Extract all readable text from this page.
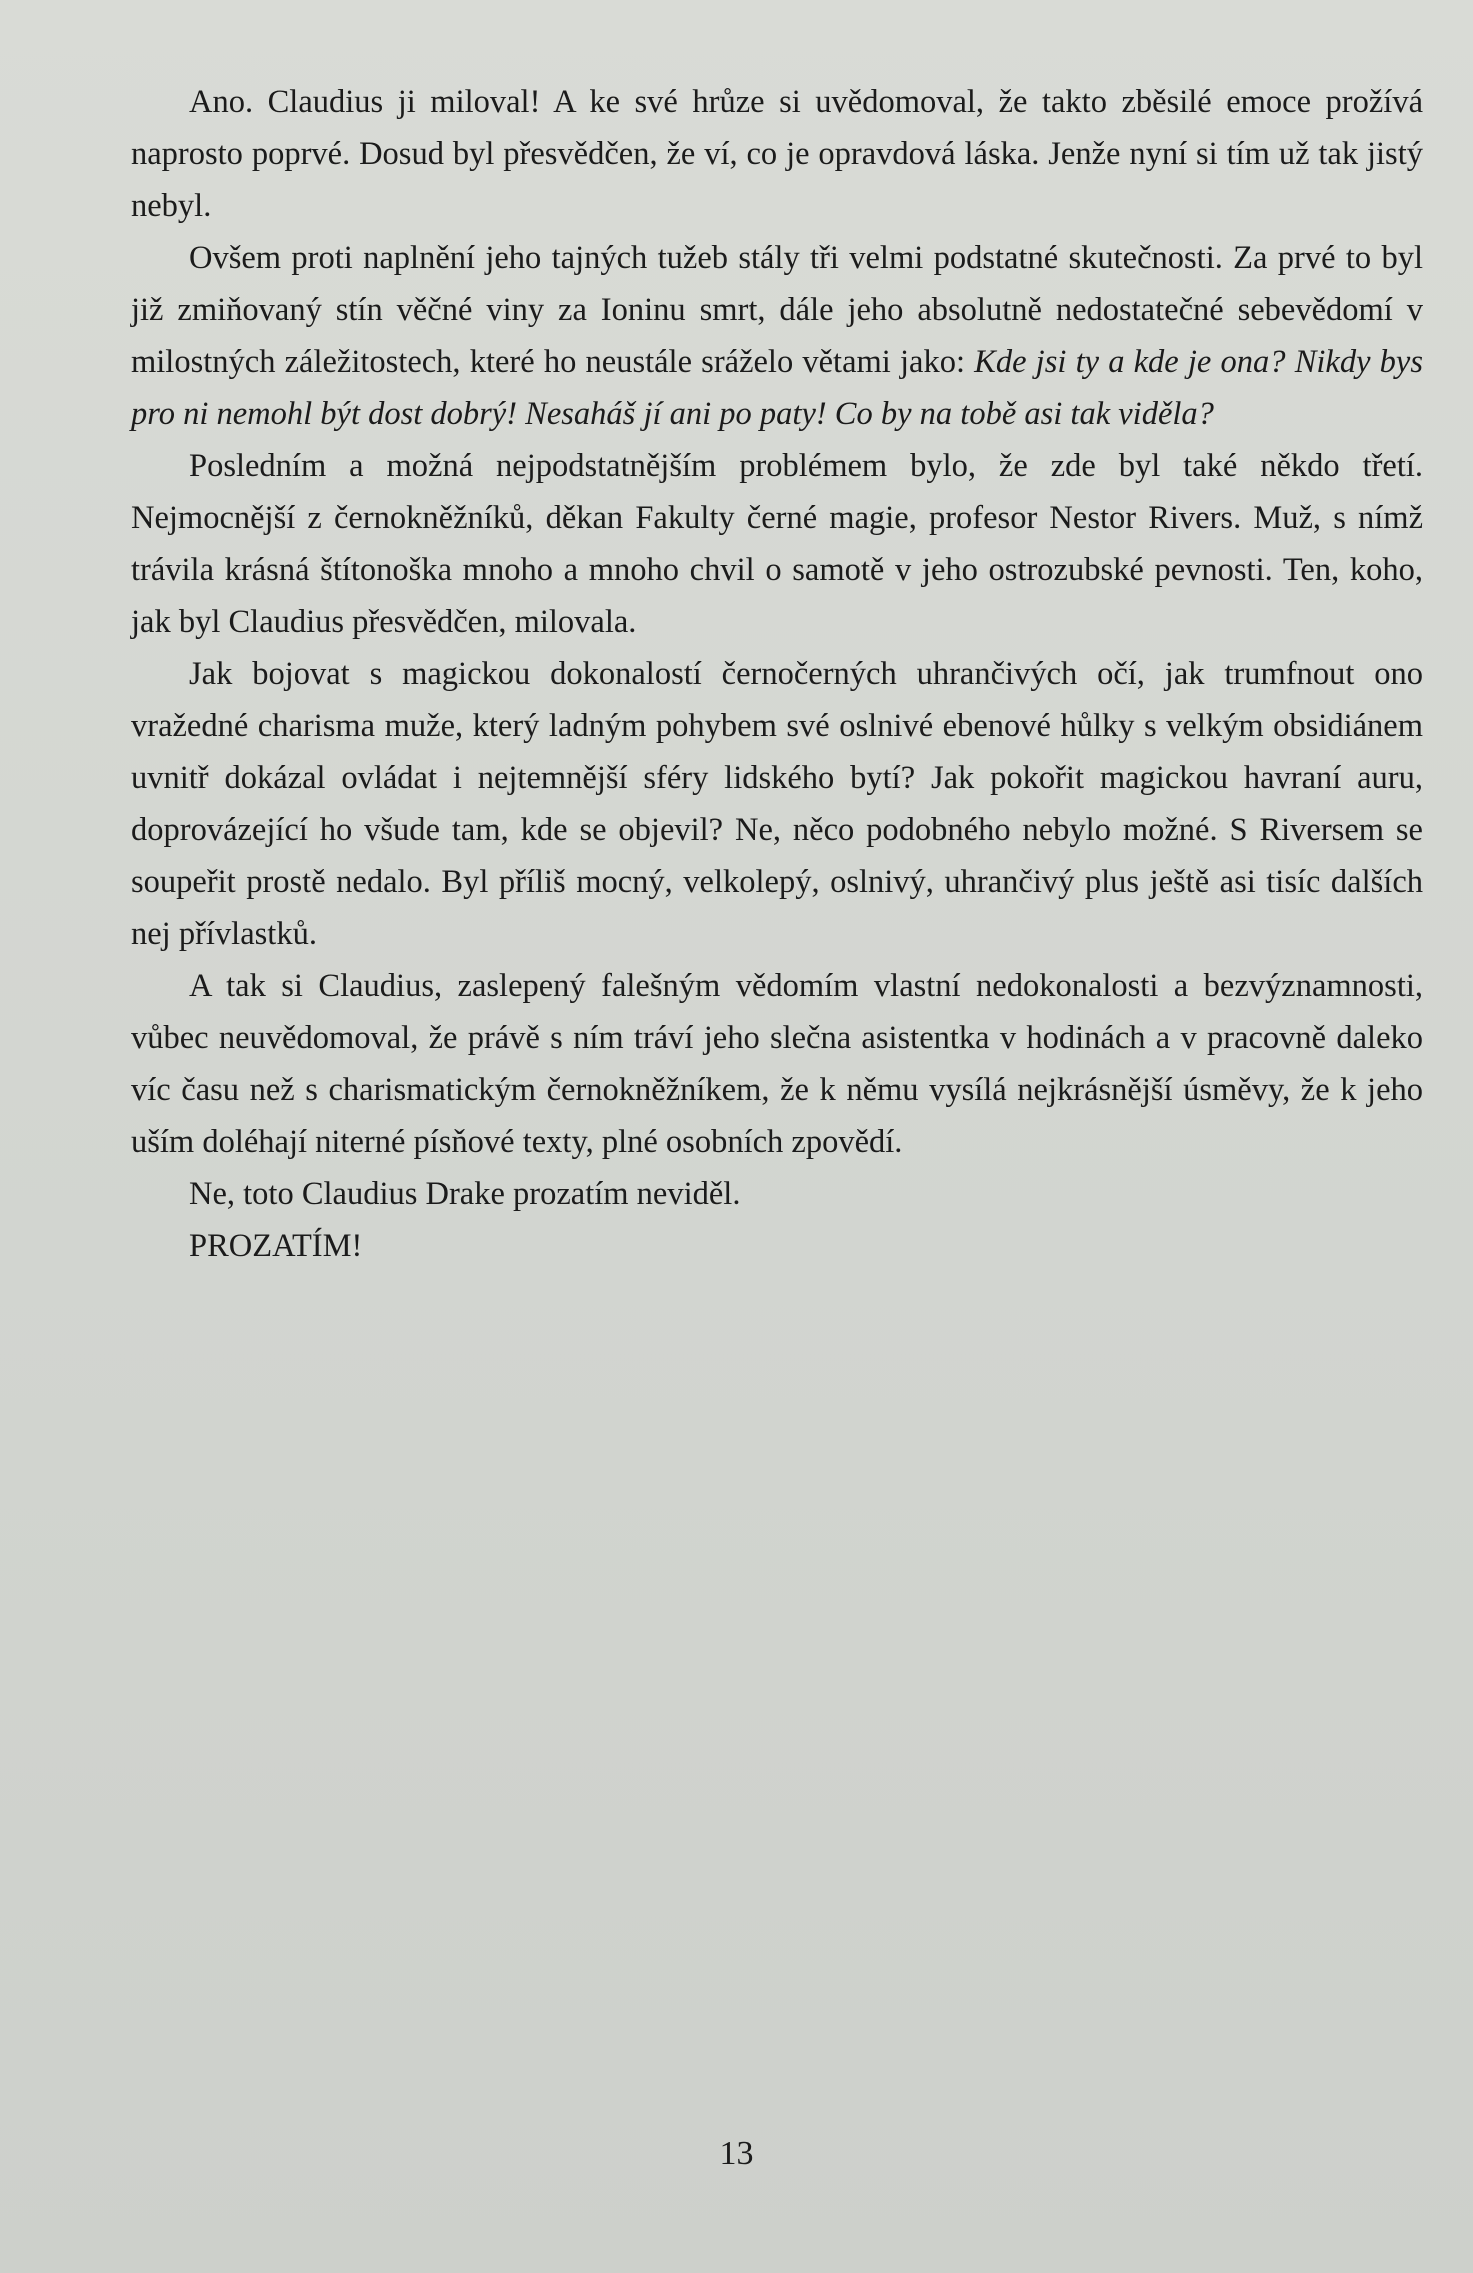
Ano. Claudius ji miloval! A ke své hrůze si uvědomoval, že takto zběsilé emoce prožívá naprosto poprvé. Dosud byl přesvědčen, že ví, co je opravdová láska. Jenže nyní si tím už tak jistý nebyl.

Ovšem proti naplnění jeho tajných tužeb stály tři velmi podstatné skutečnosti. Za prvé to byl již zmiňovaný stín věčné viny za Ioninu smrt, dále jeho absolutně nedostatečné sebevědomí v milostných záležitostech, které ho neustále sráželo větami jako: Kde jsi ty a kde je ona? Nikdy bys pro ni nemohl být dost dobrý! Nesaháš jí ani po paty! Co by na tobě asi tak viděla?

Posledním a možná nejpodstatnějším problémem bylo, že zde byl také někdo třetí. Nejmocnější z černokněžníků, děkan Fakulty černé magie, profesor Nestor Rivers. Muž, s nímž trávila krásná štítonoška mnoho a mnoho chvil o samotě v jeho ostrozubské pevnosti. Ten, koho, jak byl Claudius přesvědčen, milovala.

Jak bojovat s magickou dokonalostí černočerných uhrančivých očí, jak trumfnout ono vražedné charisma muže, který ladným pohybem své oslnivé ebenové hůlky s velkým obsidiánem uvnitř dokázal ovládat i nejtemnější sféry lidského bytí? Jak pokořit magickou havraní auru, doprovázející ho všude tam, kde se objevil? Ne, něco podobného nebylo možné. S Riversem se soupeřit prostě nedalo. Byl příliš mocný, velkolepý, oslnivý, uhrančivý plus ještě asi tisíc dalších nej přívlastků.

A tak si Claudius, zaslepený falešným vědomím vlastní nedokonalosti a bezvýznamnosti, vůbec neuvědomoval, že právě s ním tráví jeho slečna asistentka v hodinách a v pracovně daleko víc času než s charismatickým černokněžníkem, že k němu vysílá nejkrásnější úsměvy, že k jeho uším doléhají niterné písňové texty, plné osobních zpovědí.

Ne, toto Claudius Drake prozatím neviděl.

PROZATÍM!

13
